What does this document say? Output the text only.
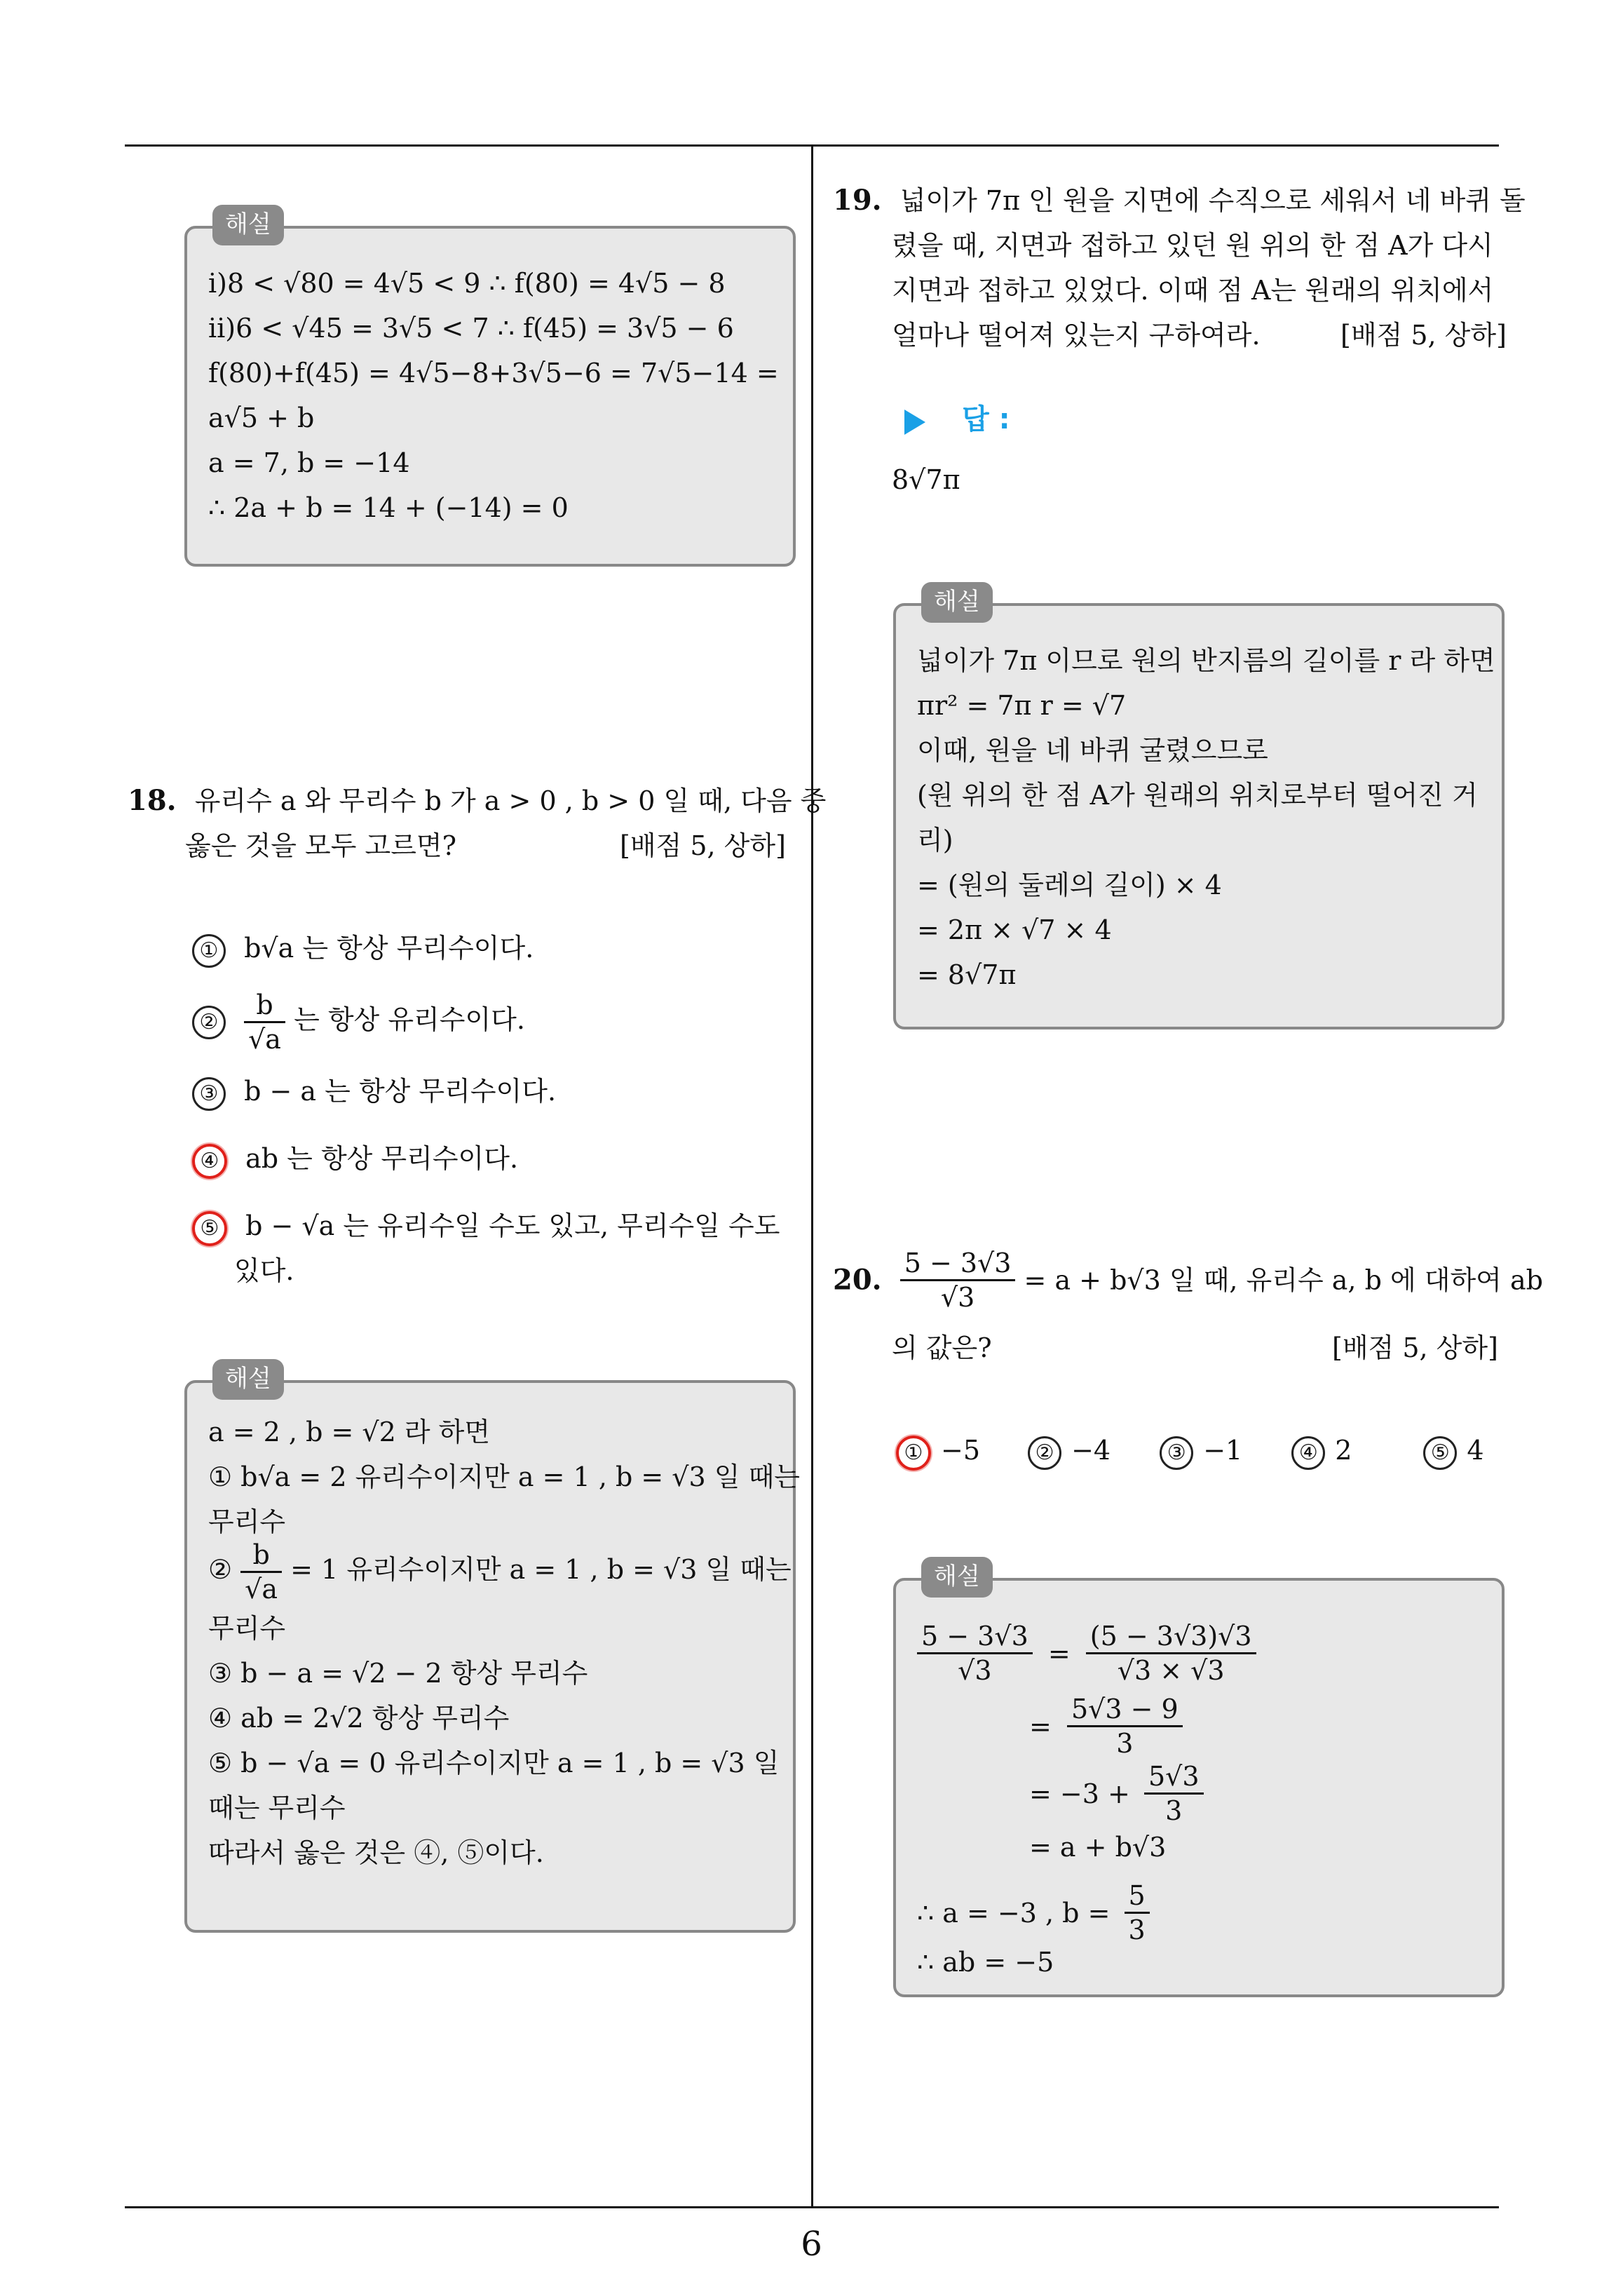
해설
ⅰ)8 < √80 = 4√5 < 9 ∴ f(80) = 4√5 − 8
ⅱ)6 < √45 = 3√5 < 7 ∴ f(45) = 3√5 − 6
f(80)+f(45) = 4√5−8+3√5−6 = 7√5−14 =
a√5 + b
a = 7, b = −14
∴ 2a + b = 14 + (−14) = 0
18. 유리수 a 와 무리수 b 가 a > 0 , b > 0 일 때, 다음 중
옳은 것을 모두 고르면?	[배점 5, 상하]
① b√a 는 항상 무리수이다.
② $\frac{b}{√a}$ 는 항상 유리수이다.
③ b − a 는 항상 무리수이다.
④ ab 는 항상 무리수이다.
⑤ b − √a 는 유리수일 수도 있고, 무리수일 수도
있다.
해설
a = 2 , b = √2 라 하면
① b√a = 2 유리수이지만 a = 1 , b = √3 일 때는
무리수
② $\frac{b}{√a} = 1$ 유리수이지만 a = 1 , b = √3 일 때는
무리수
③ b − a = √2 − 2 항상 무리수
④ ab = 2√2 항상 무리수
⑤ b − √a = 0 유리수이지만 a = 1 , b = √3 일
때는 무리수
따라서 옳은 것은 ④, ⑤이다.
19. 넓이가 7π 인 원을 지면에 수직으로 세워서 네 바퀴 돌
렸을 때, 지면과 접하고 있던 원 위의 한 점 A가 다시
지면과 접하고 있었다. 이때 점 A는 원래의 위치에서
얼마나 떨어져 있는지 구하여라.	[배점 5, 상하]
답 :
8√7π
해설
넓이가 7π 이므로 원의 반지름의 길이를 r 라 하면
πr² = 7π r = √7
이때, 원을 네 바퀴 굴렸으므로
(원 위의 한 점 A가 원래의 위치로부터 떨어진 거
리)
= (원의 둘레의 길이) × 4
= 2π × √7 × 4
= 8√7π
20. $\frac{5 - 3√3}{√3} = a + b√3$ 일 때, 유리수 a, b 에 대하여 ab
의 값은?	[배점 5, 상하]
① −5	② −4	③ −1	④ 2	⑤ 4
해설
$\frac{5 - 3√3}{√3} = \frac{(5 - 3√3)√3}{√3 \times √3}$
= $\frac{5√3 - 9}{3}$
= $-3 + \frac{5√3}{3}$
= a + b√3
∴ a = −3 , $b = \frac{5}{3}$
∴ ab = −5
6
